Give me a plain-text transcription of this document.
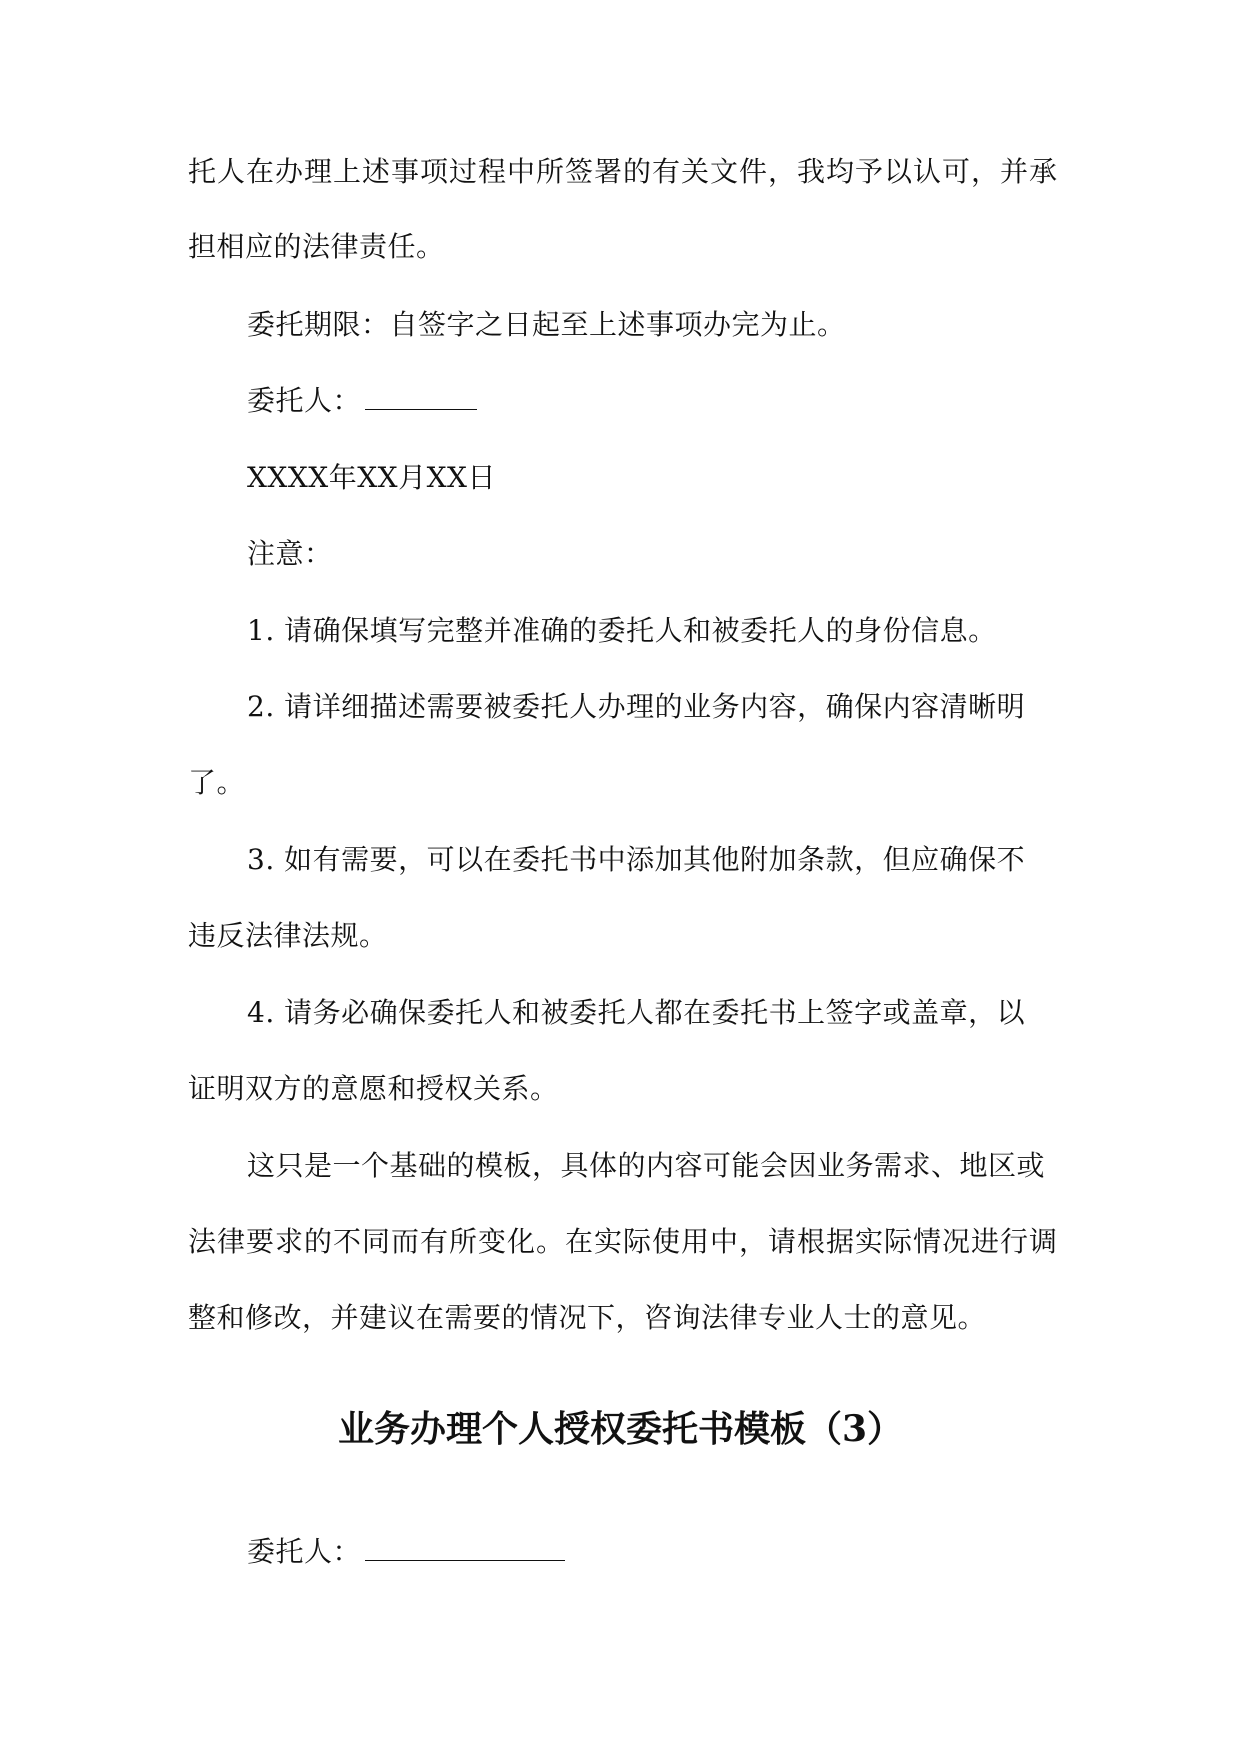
托人在办理上述事项过程中所签署的有关文件，我均予以认可，并承
担相应的法律责任。
委托期限：自签字之日起至上述事项办完为止。
委托人：
XXXX年XX月XX日
注意：
1. 请确保填写完整并准确的委托人和被委托人的身份信息。
2. 请详细描述需要被委托人办理的业务内容，确保内容清晰明
了。
3. 如有需要，可以在委托书中添加其他附加条款，但应确保不
违反法律法规。
4. 请务必确保委托人和被委托人都在委托书上签字或盖章，以
证明双方的意愿和授权关系。
这只是一个基础的模板，具体的内容可能会因业务需求、地区或
法律要求的不同而有所变化。在实际使用中，请根据实际情况进行调
整和修改，并建议在需要的情况下，咨询法律专业人士的意见。
业务办理个人授权委托书模板（3）
委托人：
